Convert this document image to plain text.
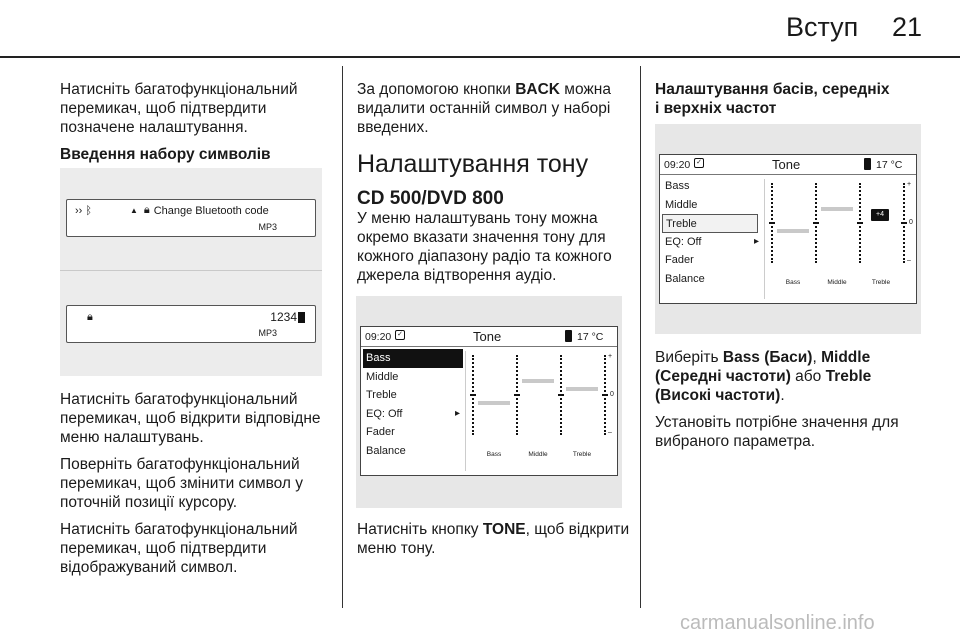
Вступ 21

Натисніть багатофункціональний перемикач, щоб підтвердити позначене налаштування.

Введення набору символів

›› ᛒ	▲ 🔒︎ Change Bluetooth code
MP3
🔒︎	1234
MP3

Натисніть багатофункціональний перемикач, щоб відкрити відповідне меню налаштувань.

Поверніть багатофункціональний перемикач, щоб змінити символ у поточній позиції курсору.

Натисніть багатофункціональний перемикач, щоб підтвердити відображуваний символ.

За допомогою кнопки BACK можна видалити останній символ у наборі введених.

Налаштування тону
CD 500/DVD 800

У меню налаштувань тону можна окремо вказати значення тону для кожного діапазону радіо та кожного джерела відтворення аудіо.

09:20 ✓	Tone	17 °C
Bass
Middle
Treble
EQ: Off	▸
Fader
Balance
+
0
–
Bass	Middle	Treble

Натисніть кнопку TONE, щоб відкрити меню тону.

Налаштування басів, середніх
і верхніх частот
09:20 ✓	Tone	17 °C
Bass
Middle
Treble
EQ: Off	▸
Fader
Balance
+4
+
0
–
Bass	Middle	Treble

Виберіть Bass (Баси), Middle (Середні частоти) або Treble (Високі частоти).

Установіть потрібне значення для вибраного параметра.

carmanualsonline.info
